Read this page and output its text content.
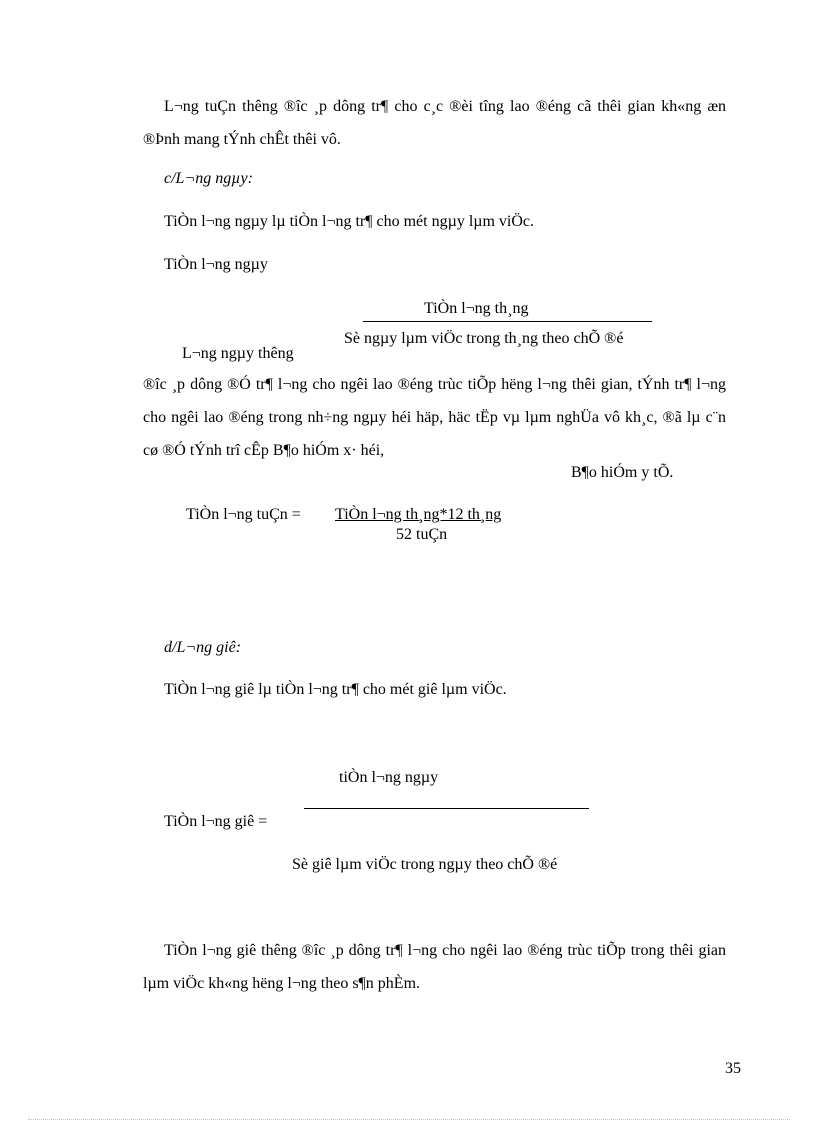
L¬ng tuÇn thêng ®îc ¸p dông tr¶ cho c¸c ®èi tîng lao ®éng cã thêi gian kh«ng æn ®Þnh mang tÝnh chÊt thêi vô.
c/L¬ng ngµy:
TiÒn l¬ng ngµy lµ tiÒn l¬ng tr¶ cho mét ngµy lµm viÖc.
TiÒn l¬ng ngµy
TiÒn l¬ng th¸ng
Sè ngµy lµm viÖc trong th¸ng theo chÕ ®é
L¬ng ngµy thêng
®îc ¸p dông ®Ó tr¶ l¬ng cho ngêi lao ®éng trùc tiÕp hëng l¬ng thêi gian, tÝnh tr¶ l¬ng cho ngêi lao ®éng trong nh÷ng ngµy héi häp, häc tËp vµ lµm nghÜa vô kh¸c, ®ã lµ c¨n cø ®Ó tÝnh trî cÊp B¶o hiÓm x· héi,
B¶o hiÓm y tÕ.
TiÒn l¬ng tuÇn = TiÒn l¬ng th¸ng*12 th¸ng
52 tuÇn
d/L¬ng giê:
TiÒn l¬ng giê lµ tiÒn l¬ng tr¶ cho mét giê lµm viÖc.
tiÒn l¬ng ngµy
TiÒn l¬ng giê =
Sè giê lµm viÖc trong ngµy theo chÕ ®é
TiÒn l¬ng giê thêng ®îc ¸p dông tr¶ l¬ng cho ngêi lao ®éng trùc tiÕp trong thêi gian lµm viÖc kh«ng hëng l¬ng theo s¶n phÈm.
35
